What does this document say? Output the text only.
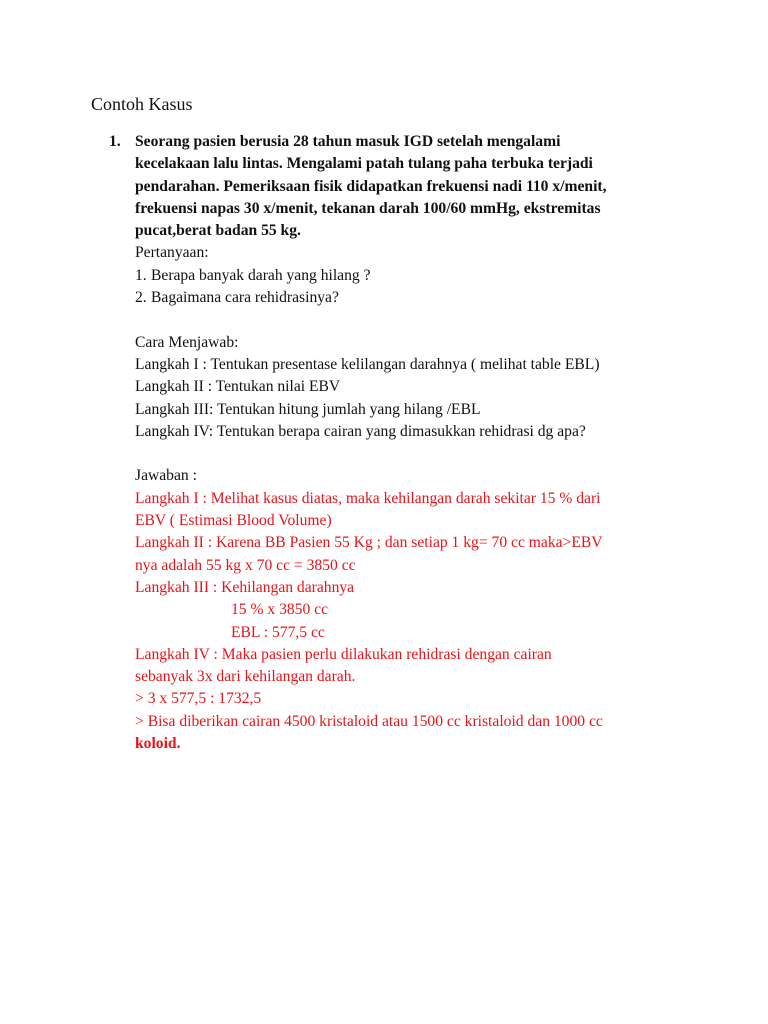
Contoh Kasus
1. Seorang pasien berusia 28 tahun masuk IGD setelah mengalami
kecelakaan lalu lintas. Mengalami patah tulang paha terbuka terjadi
pendarahan. Pemeriksaan fisik didapatkan frekuensi nadi 110 x/menit,
frekuensi napas 30 x/menit, tekanan darah 100/60 mmHg, ekstremitas
pucat,berat badan 55 kg.
Pertanyaan:
1. Berapa banyak darah yang hilang ?
2. Bagaimana cara rehidrasinya?
Cara Menjawab:
Langkah I : Tentukan presentase kelilangan darahnya ( melihat table EBL)
Langkah II : Tentukan nilai EBV
Langkah III: Tentukan hitung jumlah yang hilang /EBL
Langkah IV: Tentukan berapa cairan yang dimasukkan rehidrasi dg apa?
Jawaban :
Langkah I : Melihat kasus diatas, maka kehilangan darah sekitar 15 % dari
EBV ( Estimasi Blood Volume)
Langkah II : Karena BB Pasien 55 Kg ; dan setiap 1 kg= 70 cc maka>EBV
nya adalah 55 kg x 70 cc = 3850 cc
Langkah III : Kehilangan darahnya
15 % x 3850 cc
EBL : 577,5 cc
Langkah IV : Maka pasien perlu dilakukan rehidrasi dengan cairan
sebanyak 3x dari kehilangan darah.
> 3 x 577,5 : 1732,5
> Bisa diberikan cairan 4500 kristaloid atau 1500 cc kristaloid dan 1000 cc
koloid.
